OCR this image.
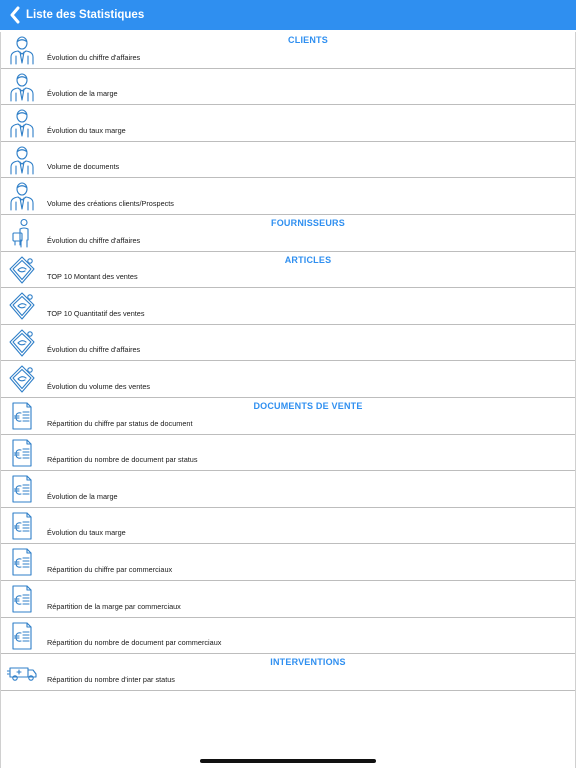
Liste des Statistiques
CLIENTS
Évolution du chiffre d'affaires
Évolution de la marge
Évolution du taux marge
Volume de documents
Volume des créations clients/Prospects
FOURNISSEURS
Évolution du chiffre d'affaires
ARTICLES
TOP 10 Montant des ventes
TOP 10 Quantitatif des ventes
Évolution du chiffre d'affaires
Évolution du volume des ventes
DOCUMENTS DE VENTE
Répartition du chiffre par status de document
Répartition du nombre de document par status
Évolution de la marge
Évolution du taux marge
Répartition du chiffre par commerciaux
Répartition de la marge par commerciaux
Répartition du nombre de document par commerciaux
INTERVENTIONS
Répartition du nombre d'inter par status
